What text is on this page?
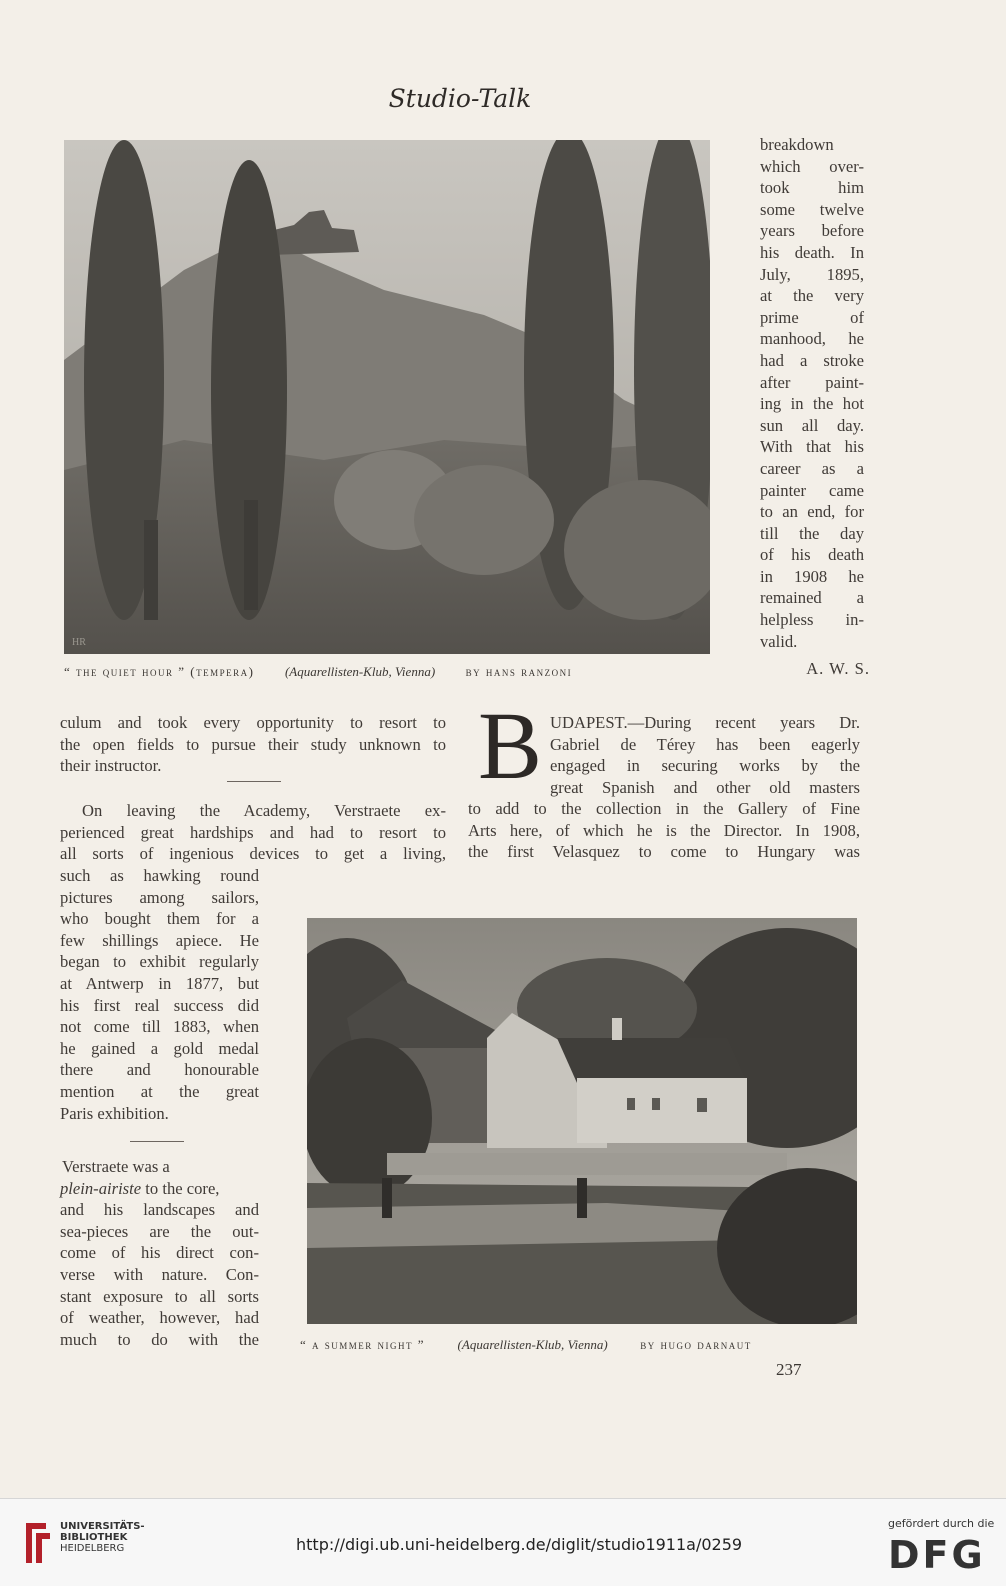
Studio-Talk
HR
“ the quiet hour ” (tempera) (Aquarellisten-Klub, Vienna) by hans ranzoni
breakdown
which over-
took him
some twelve
years before
his death. In
July, 1895,
at the very
prime of
manhood, he
had a stroke
after paint-
ing in the hot
sun all day.
With that his
career as a
painter came
to an end, for
till the day
of his death
in 1908 he
remained a
helpless in-
valid.
A. W. S.
culum and took every opportunity to resort to
the open fields to pursue their study unknown to
their instructor.
On leaving the Academy, Verstraete ex-
perienced great hardships and had to resort to
all sorts of ingenious devices to get a living,
such as hawking round
pictures among sailors,
who bought them for a
few shillings apiece. He
began to exhibit regularly
at Antwerp in 1877, but
his first real success did
not come till 1883, when
he gained a gold medal
there and honourable
mention at the great
Paris exhibition.

Verstraete was a

plein-airiste to the core,

and his landscapes and
sea-pieces are the out-
come of his direct con-
verse with nature. Con-
stant exposure to all sorts
of weather, however, had
much to do with the
B UDAPEST.—During recent years Dr.
Gabriel de Térey has been eagerly
engaged in securing works by the
great Spanish and other old masters
to add to the collection in the Gallery of Fine
Arts here, of which he is the Director. In 1908,
the first Velasquez to come to Hungary was
“ a summer night ”	(Aquarellisten-Klub, Vienna)	by hugo darnaut
237
UNIVERSITÄTS-
BIBLIOTHEK
HEIDELBERG	http://digi.ub.uni-heidelberg.de/diglit/studio1911a/0259
gefördert durch die
DFG
